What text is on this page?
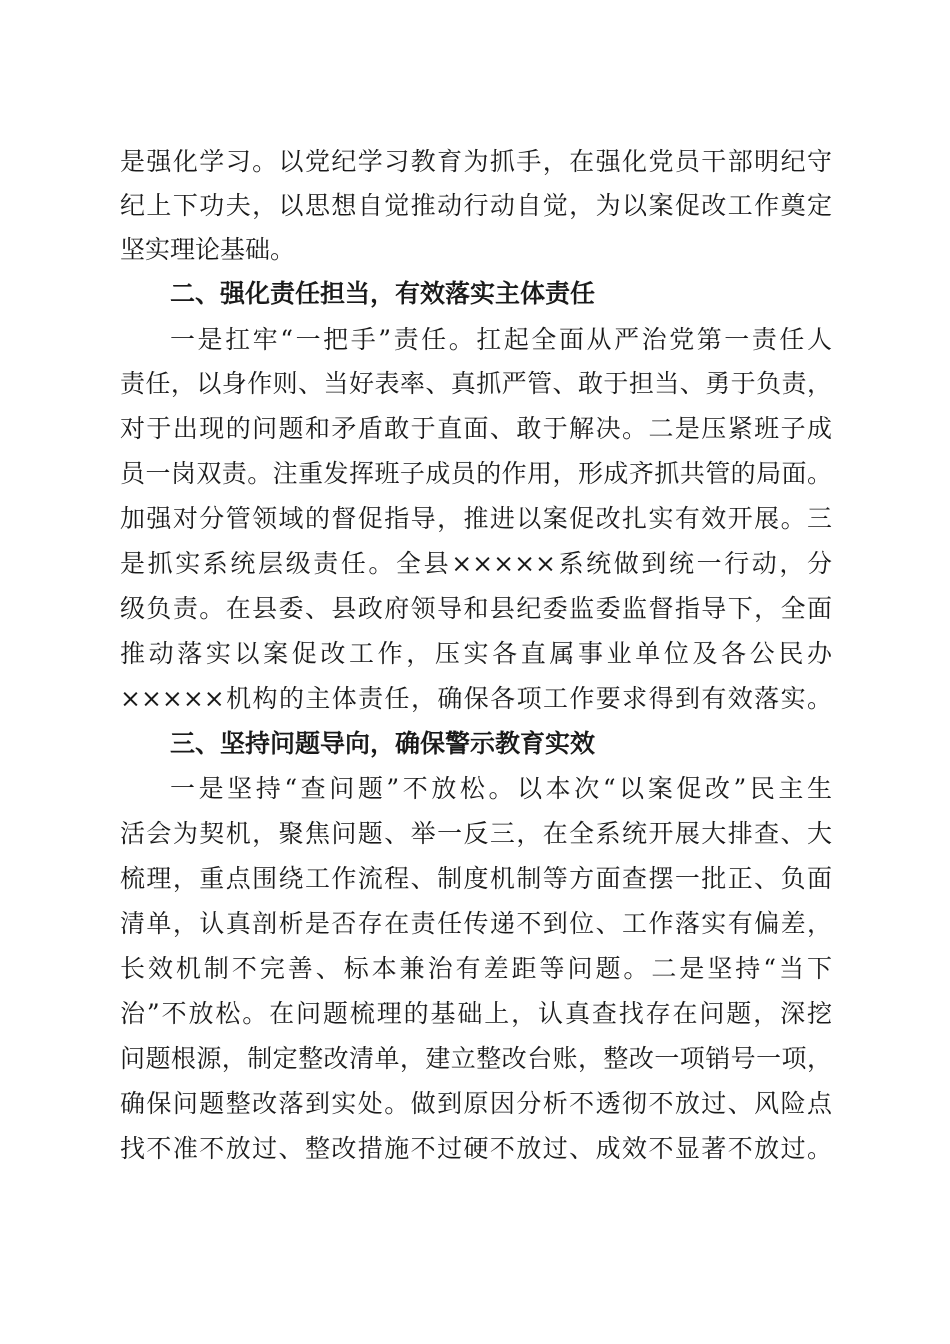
是强化学习。以党纪学习教育为抓手，在强化党员干部明纪守
纪上下功夫，以思想自觉推动行动自觉，为以案促改工作奠定
坚实理论基础。
二、强化责任担当，有效落实主体责任
一是扛牢“一把手”责任。扛起全面从严治党第一责任人
责任，以身作则、当好表率、真抓严管、敢于担当、勇于负责，
对于出现的问题和矛盾敢于直面、敢于解决。二是压紧班子成
员一岗双责。注重发挥班子成员的作用，形成齐抓共管的局面。
加强对分管领域的督促指导，推进以案促改扎实有效开展。三
是抓实系统层级责任。全县×××××系统做到统一行动，分
级负责。在县委、县政府领导和县纪委监委监督指导下，全面
推动落实以案促改工作，压实各直属事业单位及各公民办
×××××机构的主体责任，确保各项工作要求得到有效落实。
三、坚持问题导向，确保警示教育实效
一是坚持“查问题”不放松。以本次“以案促改”民主生
活会为契机，聚焦问题、举一反三，在全系统开展大排查、大
梳理，重点围绕工作流程、制度机制等方面查摆一批正、负面
清单，认真剖析是否存在责任传递不到位、工作落实有偏差，
长效机制不完善、标本兼治有差距等问题。二是坚持“当下
治”不放松。在问题梳理的基础上，认真查找存在问题，深挖
问题根源，制定整改清单，建立整改台账，整改一项销号一项，
确保问题整改落到实处。做到原因分析不透彻不放过、风险点
找不准不放过、整改措施不过硬不放过、成效不显著不放过。
